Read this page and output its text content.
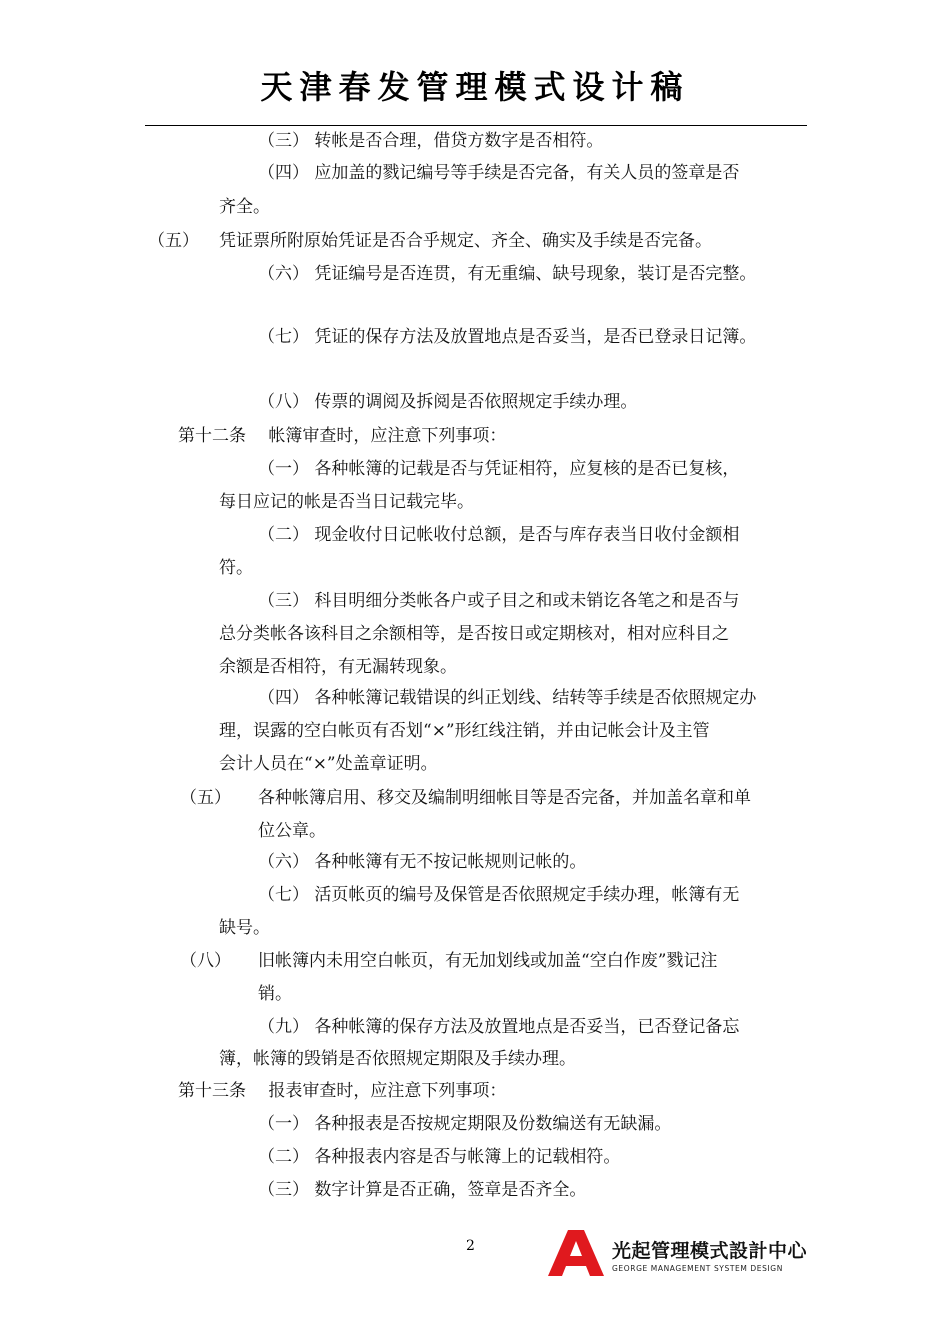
天津春发管理模式设计稿
（三） 转帐是否合理，借贷方数字是否相符。
（四） 应加盖的戮记编号等手续是否完备，有关人员的签章是否
齐全。
（五） 凭证票所附原始凭证是否合乎规定、齐全、确实及手续是否完备。
（六） 凭证编号是否连贯，有无重编、缺号现象，装订是否完整。
（七） 凭证的保存方法及放置地点是否妥当，是否已登录日记簿。
（八） 传票的调阅及拆阅是否依照规定手续办理。
第十二条　 帐簿审查时，应注意下列事项：
（一） 各种帐簿的记载是否与凭证相符，应复核的是否已复核，
每日应记的帐是否当日记载完毕。
（二） 现金收付日记帐收付总额，是否与库存表当日收付金额相
符。
（三） 科目明细分类帐各户或子目之和或未销讫各笔之和是否与
总分类帐各该科目之余额相等，是否按日或定期核对，相对应科目之
余额是否相符，有无漏转现象。
（四） 各种帐簿记载错误的纠正划线、结转等手续是否依照规定办
理，误露的空白帐页有否划“×”形红线注销，并由记帐会计及主管
会计人员在“×”处盖章证明。
（五） 各种帐簿启用、移交及编制明细帐目等是否完备，并加盖名章和单
位公章。
（六） 各种帐簿有无不按记帐规则记帐的。
（七） 活页帐页的编号及保管是否依照规定手续办理，帐簿有无
缺号。
（八） 旧帐簿内未用空白帐页，有无加划线或加盖“空白作废”戮记注
销。
（九） 各种帐簿的保存方法及放置地点是否妥当，已否登记备忘
簿，帐簿的毁销是否依照规定期限及手续办理。
第十三条　 报表审查时，应注意下列事项：
（一） 各种报表是否按规定期限及份数编送有无缺漏。
（二） 各种报表内容是否与帐簿上的记载相符。
（三） 数字计算是否正确，签章是否齐全。
2	光起管理模式設計中心
GEORGE MANAGEMENT SYSTEM DESIGN
